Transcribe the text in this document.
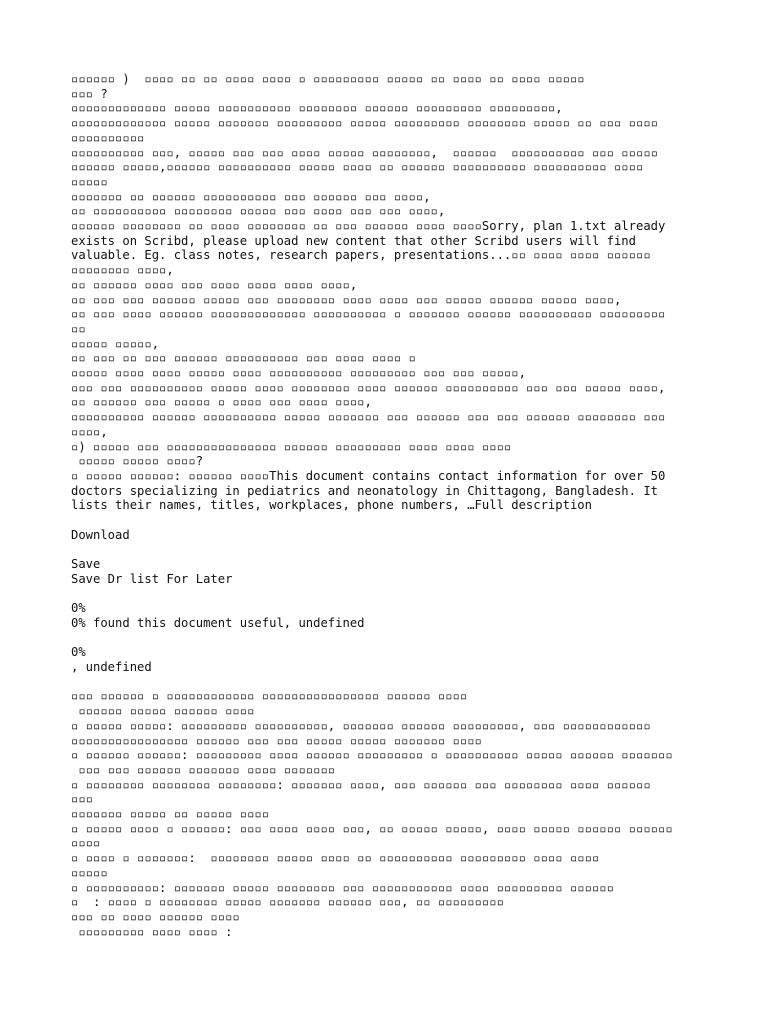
▫▫▫▫▫▫ )  ▫▫▫▫ ▫▫ ▫▫ ▫▫▫▫ ▫▫▫▫ ▫ ▫▫▫▫▫▫▫▫▫ ▫▫▫▫▫ ▫▫ ▫▫▫▫ ▫▫ ▫▫▫▫ ▫▫▫▫▫
▫▫▫ ?
▫▫▫▫▫▫▫▫▫▫▫▫▫ ▫▫▫▫▫ ▫▫▫▫▫▫▫▫▫▫ ▫▫▫▫▫▫▫▫ ▫▫▫▫▫▫ ▫▫▫▫▫▫▫▫▫ ▫▫▫▫▫▫▫▫▫,
▫▫▫▫▫▫▫▫▫▫▫▫▫ ▫▫▫▫▫ ▫▫▫▫▫▫▫ ▫▫▫▫▫▫▫▫▫ ▫▫▫▫▫ ▫▫▫▫▫▫▫▫▫ ▫▫▫▫▫▫▫▫ ▫▫▫▫▫ ▫▫ ▫▫▫ ▫▫▫▫
▫▫▫▫▫▫▫▫▫▫
▫▫▫▫▫▫▫▫▫▫ ▫▫▫, ▫▫▫▫▫ ▫▫▫ ▫▫▫ ▫▫▫▫ ▫▫▫▫▫ ▫▫▫▫▫▫▫▫,  ▫▫▫▫▫▫  ▫▫▫▫▫▫▫▫▫▫ ▫▫▫ ▫▫▫▫▫
▫▫▫▫▫▫ ▫▫▫▫▫,▫▫▫▫▫▫ ▫▫▫▫▫▫▫▫▫▫ ▫▫▫▫▫ ▫▫▫▫ ▫▫ ▫▫▫▫▫▫ ▫▫▫▫▫▫▫▫▫▫ ▫▫▫▫▫▫▫▫▫▫ ▫▫▫▫
▫▫▫▫▫
▫▫▫▫▫▫▫ ▫▫ ▫▫▫▫▫▫ ▫▫▫▫▫▫▫▫▫▫ ▫▫▫ ▫▫▫▫▫▫ ▫▫▫ ▫▫▫▫,
▫▫ ▫▫▫▫▫▫▫▫▫▫ ▫▫▫▫▫▫▫▫ ▫▫▫▫▫ ▫▫▫ ▫▫▫▫ ▫▫▫ ▫▫▫ ▫▫▫▫,
▫▫▫▫▫▫ ▫▫▫▫▫▫▫▫ ▫▫ ▫▫▫▫ ▫▫▫▫▫▫▫▫ ▫▫ ▫▫▫ ▫▫▫▫▫▫ ▫▫▫▫ ▫▫▫▫Sorry, plan 1.txt already
exists on Scribd, please upload new content that other Scribd users will find
valuable. Eg. class notes, research papers, presentations...▫▫ ▫▫▫▫ ▫▫▫▫ ▫▫▫▫▫▫
▫▫▫▫▫▫▫▫ ▫▫▫▫,
▫▫ ▫▫▫▫▫▫ ▫▫▫▫ ▫▫▫ ▫▫▫▫ ▫▫▫▫ ▫▫▫▫ ▫▫▫▫,
▫▫ ▫▫▫ ▫▫▫ ▫▫▫▫▫▫ ▫▫▫▫▫ ▫▫▫ ▫▫▫▫▫▫▫▫ ▫▫▫▫ ▫▫▫▫ ▫▫▫ ▫▫▫▫▫ ▫▫▫▫▫▫ ▫▫▫▫▫ ▫▫▫▫,
▫▫ ▫▫▫ ▫▫▫▫ ▫▫▫▫▫▫ ▫▫▫▫▫▫▫▫▫▫▫▫▫ ▫▫▫▫▫▫▫▫▫▫ ▫ ▫▫▫▫▫▫▫ ▫▫▫▫▫▫ ▫▫▫▫▫▫▫▫▫▫ ▫▫▫▫▫▫▫▫▫
▫▫
▫▫▫▫▫ ▫▫▫▫▫,
▫▫ ▫▫▫ ▫▫ ▫▫▫ ▫▫▫▫▫▫ ▫▫▫▫▫▫▫▫▫▫ ▫▫▫ ▫▫▫▫ ▫▫▫▫ ▫
▫▫▫▫▫ ▫▫▫▫ ▫▫▫▫ ▫▫▫▫▫ ▫▫▫▫ ▫▫▫▫▫▫▫▫▫▫ ▫▫▫▫▫▫▫▫▫ ▫▫▫ ▫▫▫ ▫▫▫▫▫,
▫▫▫ ▫▫▫ ▫▫▫▫▫▫▫▫▫▫ ▫▫▫▫▫ ▫▫▫▫ ▫▫▫▫▫▫▫▫ ▫▫▫▫ ▫▫▫▫▫▫ ▫▫▫▫▫▫▫▫▫▫ ▫▫▫ ▫▫▫ ▫▫▫▫▫ ▫▫▫▫,
▫▫ ▫▫▫▫▫▫ ▫▫▫ ▫▫▫▫▫ ▫ ▫▫▫▫ ▫▫▫ ▫▫▫▫ ▫▫▫▫,
▫▫▫▫▫▫▫▫▫▫ ▫▫▫▫▫▫ ▫▫▫▫▫▫▫▫▫▫ ▫▫▫▫▫ ▫▫▫▫▫▫▫ ▫▫▫ ▫▫▫▫▫▫ ▫▫▫ ▫▫▫ ▫▫▫▫▫▫ ▫▫▫▫▫▫▫▫ ▫▫▫
▫▫▫▫,
▫) ▫▫▫▫▫ ▫▫▫ ▫▫▫▫▫▫▫▫▫▫▫▫▫▫▫ ▫▫▫▫▫▫ ▫▫▫▫▫▫▫▫▫ ▫▫▫▫ ▫▫▫▫ ▫▫▫▫
▫▫▫▫▫ ▫▫▫▫▫ ▫▫▫▫?
▫ ▫▫▫▫▫ ▫▫▫▫▫▫: ▫▫▫▫▫▫ ▫▫▫▫This document contains contact information for over 50
doctors specializing in pediatrics and neonatology in Chittagong, Bangladesh. It
lists their names, titles, workplaces, phone numbers, …Full description
Download
Save
Save Dr list For Later
0%
0% found this document useful, undefined
0%
, undefined
▫▫▫ ▫▫▫▫▫▫ ▫ ▫▫▫▫▫▫▫▫▫▫▫▫ ▫▫▫▫▫▫▫▫▫▫▫▫▫▫▫▫ ▫▫▫▫▫▫ ▫▫▫▫
▫▫▫▫▫▫ ▫▫▫▫▫ ▫▫▫▫▫▫ ▫▫▫▫
▫ ▫▫▫▫▫ ▫▫▫▫▫: ▫▫▫▫▫▫▫▫▫ ▫▫▫▫▫▫▫▫▫▫, ▫▫▫▫▫▫▫ ▫▫▫▫▫▫ ▫▫▫▫▫▫▫▫▫, ▫▫▫ ▫▫▫▫▫▫▫▫▫▫▫▫
▫▫▫▫▫▫▫▫▫▫▫▫▫▫▫▫ ▫▫▫▫▫▫ ▫▫▫ ▫▫▫ ▫▫▫▫▫ ▫▫▫▫▫ ▫▫▫▫▫▫▫ ▫▫▫▫
▫ ▫▫▫▫▫▫ ▫▫▫▫▫▫: ▫▫▫▫▫▫▫▫▫ ▫▫▫▫ ▫▫▫▫▫▫ ▫▫▫▫▫▫▫▫▫ ▫ ▫▫▫▫▫▫▫▫▫▫ ▫▫▫▫▫ ▫▫▫▫▫▫ ▫▫▫▫▫▫▫
▫▫▫ ▫▫▫ ▫▫▫▫▫▫ ▫▫▫▫▫▫▫ ▫▫▫▫ ▫▫▫▫▫▫▫
▫ ▫▫▫▫▫▫▫▫ ▫▫▫▫▫▫▫▫ ▫▫▫▫▫▫▫▫: ▫▫▫▫▫▫▫ ▫▫▫▫, ▫▫▫ ▫▫▫▫▫▫ ▫▫▫ ▫▫▫▫▫▫▫▫ ▫▫▫▫ ▫▫▫▫▫▫
▫▫▫
▫▫▫▫▫▫▫ ▫▫▫▫▫ ▫▫ ▫▫▫▫▫ ▫▫▫▫
▫ ▫▫▫▫▫ ▫▫▫▫ ▫ ▫▫▫▫▫▫: ▫▫▫ ▫▫▫▫ ▫▫▫▫ ▫▫▫, ▫▫ ▫▫▫▫▫ ▫▫▫▫▫, ▫▫▫▫ ▫▫▫▫▫ ▫▫▫▫▫▫ ▫▫▫▫▫▫
▫▫▫▫
▫ ▫▫▫▫ ▫ ▫▫▫▫▫▫▫:  ▫▫▫▫▫▫▫▫ ▫▫▫▫▫ ▫▫▫▫ ▫▫ ▫▫▫▫▫▫▫▫▫▫ ▫▫▫▫▫▫▫▫▫ ▫▫▫▫ ▫▫▫▫
▫▫▫▫▫
▫ ▫▫▫▫▫▫▫▫▫▫: ▫▫▫▫▫▫▫ ▫▫▫▫▫ ▫▫▫▫▫▫▫▫ ▫▫▫ ▫▫▫▫▫▫▫▫▫▫▫ ▫▫▫▫ ▫▫▫▫▫▫▫▫▫ ▫▫▫▫▫▫
▫  : ▫▫▫▫ ▫ ▫▫▫▫▫▫▫▫ ▫▫▫▫▫ ▫▫▫▫▫▫▫ ▫▫▫▫▫▫ ▫▫▫, ▫▫ ▫▫▫▫▫▫▫▫▫
▫▫▫ ▫▫ ▫▫▫▫ ▫▫▫▫▫▫ ▫▫▫▫
▫▫▫▫▫▫▫▫▫ ▫▫▫▫ ▫▫▫▫ :
